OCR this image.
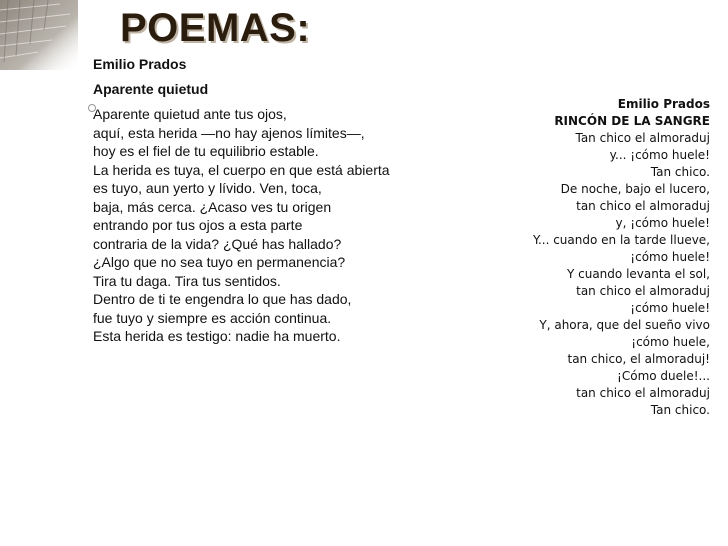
POEMAS:

Emilio Prados

Aparente quietud

Aparente quietud ante tus ojos,
aquí, esta herida —no hay ajenos límites—,
hoy es el fiel de tu equilibrio estable.
La herida es tuya, el cuerpo en que está abierta
es tuyo, aun yerto y lívido. Ven, toca,
baja, más cerca. ¿Acaso ves tu origen
entrando por tus ojos a esta parte
contraria de la vida? ¿Qué has hallado?
¿Algo que no sea tuyo en permanencia?
Tira tu daga. Tira tus sentidos.
Dentro de ti te engendra lo que has dado,
fue tuyo y siempre es acción continua.
Esta herida es testigo: nadie ha muerto.
Emilio Prados
RINCÓN DE LA SANGRE
Tan chico el almoraduj
y... ¡cómo huele!
Tan chico.
De noche, bajo el lucero,
tan chico el almoraduj
y, ¡cómo huele!
Y... cuando en la tarde llueve,
¡cómo huele!
Y cuando levanta el sol,
tan chico el almoraduj
¡cómo huele!
Y, ahora, que del sueño vivo
¡cómo huele,
tan chico, el almoraduj!
¡Cómo duele!...
tan chico el almoraduj
Tan chico.
